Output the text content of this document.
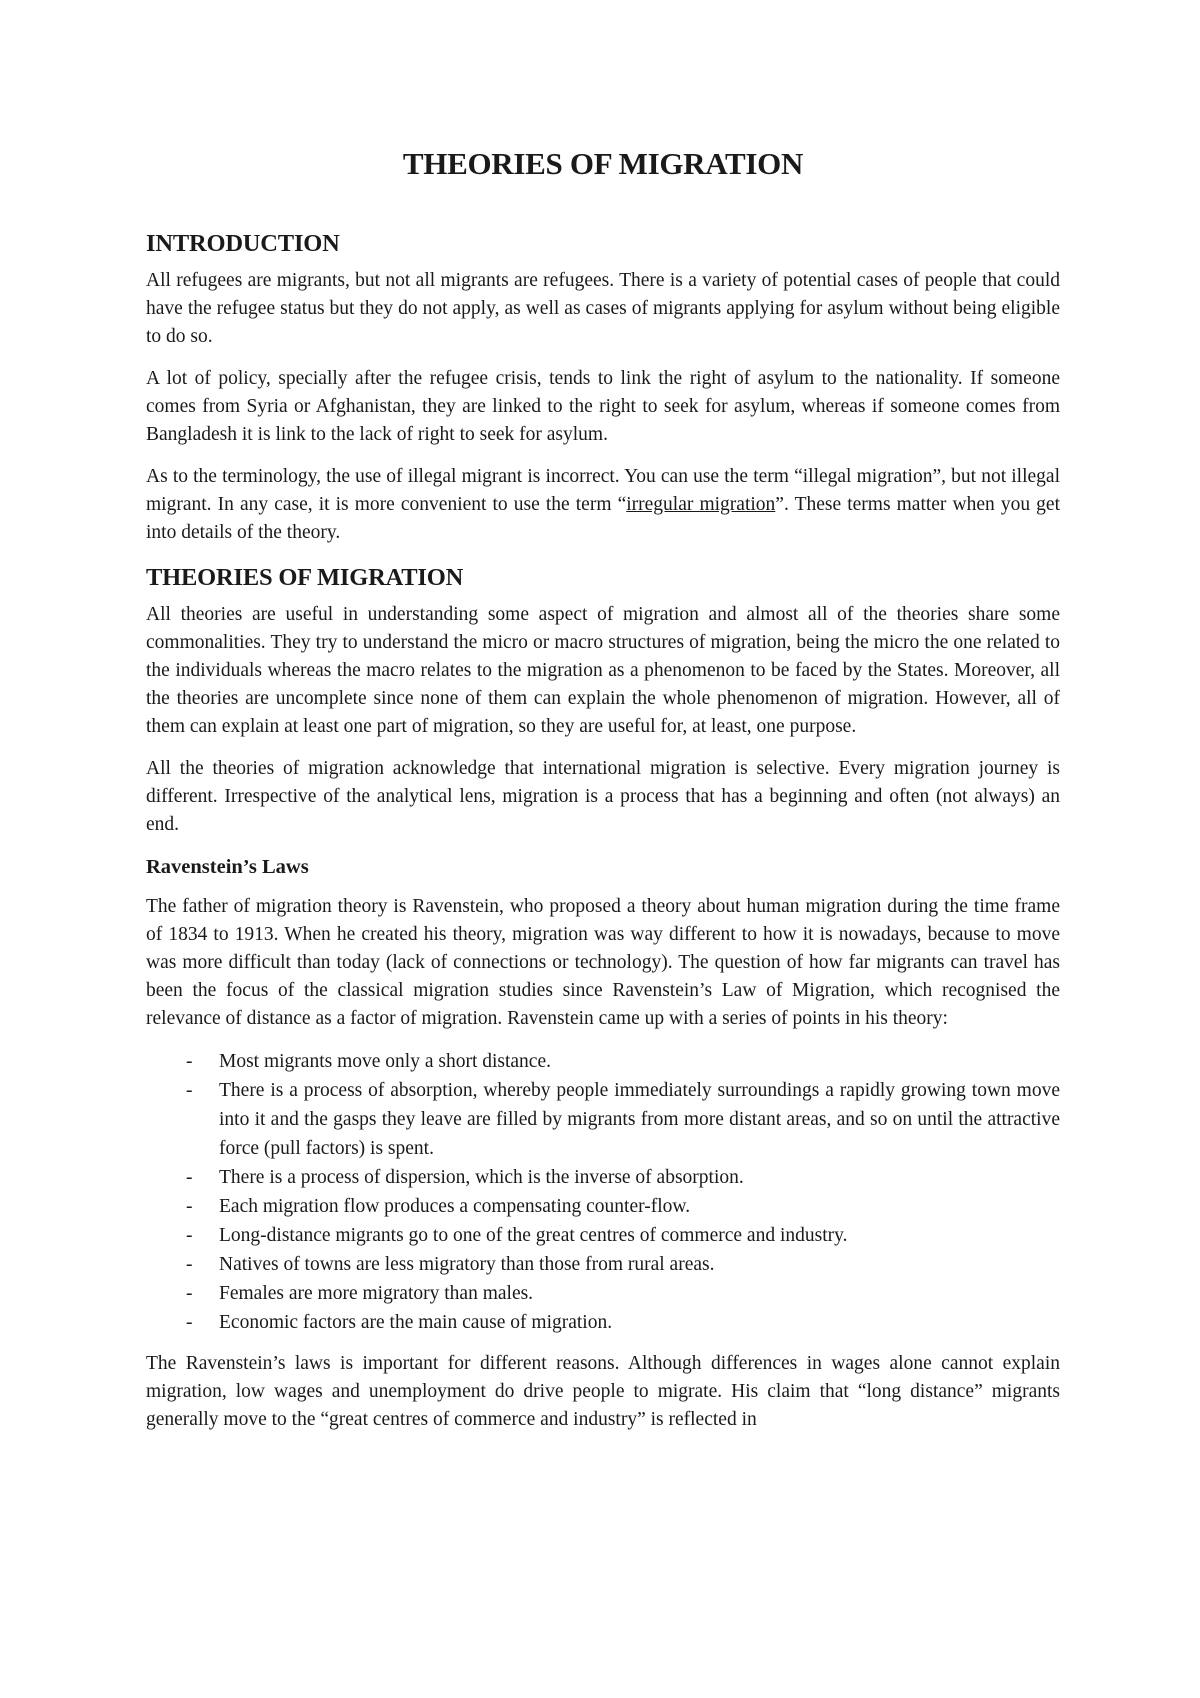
THEORIES OF MIGRATION
INTRODUCTION

All refugees are migrants, but not all migrants are refugees. There is a variety of potential cases of people that could have the refugee status but they do not apply, as well as cases of migrants applying for asylum without being eligible to do so.

A lot of policy, specially after the refugee crisis, tends to link the right of asylum to the nationality. If someone comes from Syria or Afghanistan, they are linked to the right to seek for asylum, whereas if someone comes from Bangladesh it is link to the lack of right to seek for asylum.

As to the terminology, the use of illegal migrant is incorrect. You can use the term “illegal migration”, but not illegal migrant. In any case, it is more convenient to use the term “irregular migration”. These terms matter when you get into details of the theory.

THEORIES OF MIGRATION

All theories are useful in understanding some aspect of migration and almost all of the theories share some commonalities. They try to understand the micro or macro structures of migration, being the micro the one related to the individuals whereas the macro relates to the migration as a phenomenon to be faced by the States. Moreover, all the theories are uncomplete since none of them can explain the whole phenomenon of migration. However, all of them can explain at least one part of migration, so they are useful for, at least, one purpose.

All the theories of migration acknowledge that international migration is selective. Every migration journey is different. Irrespective of the analytical lens, migration is a process that has a beginning and often (not always) an end.

Ravenstein’s Laws

The father of migration theory is Ravenstein, who proposed a theory about human migration during the time frame of 1834 to 1913. When he created his theory, migration was way different to how it is nowadays, because to move was more difficult than today (lack of connections or technology). The question of how far migrants can travel has been the focus of the classical migration studies since Ravenstein’s Law of Migration, which recognised the relevance of distance as a factor of migration. Ravenstein came up with a series of points in his theory:

- Most migrants move only a short distance.
- There is a process of absorption, whereby people immediately surroundings a rapidly growing town move into it and the gasps they leave are filled by migrants from more distant areas, and so on until the attractive force (pull factors) is spent.
- There is a process of dispersion, which is the inverse of absorption.
- Each migration flow produces a compensating counter-flow.
- Long-distance migrants go to one of the great centres of commerce and industry.
- Natives of towns are less migratory than those from rural areas.
- Females are more migratory than males.
- Economic factors are the main cause of migration.

The Ravenstein’s laws is important for different reasons. Although differences in wages alone cannot explain migration, low wages and unemployment do drive people to migrate. His claim that “long distance” migrants generally move to the “great centres of commerce and industry” is reflected in
